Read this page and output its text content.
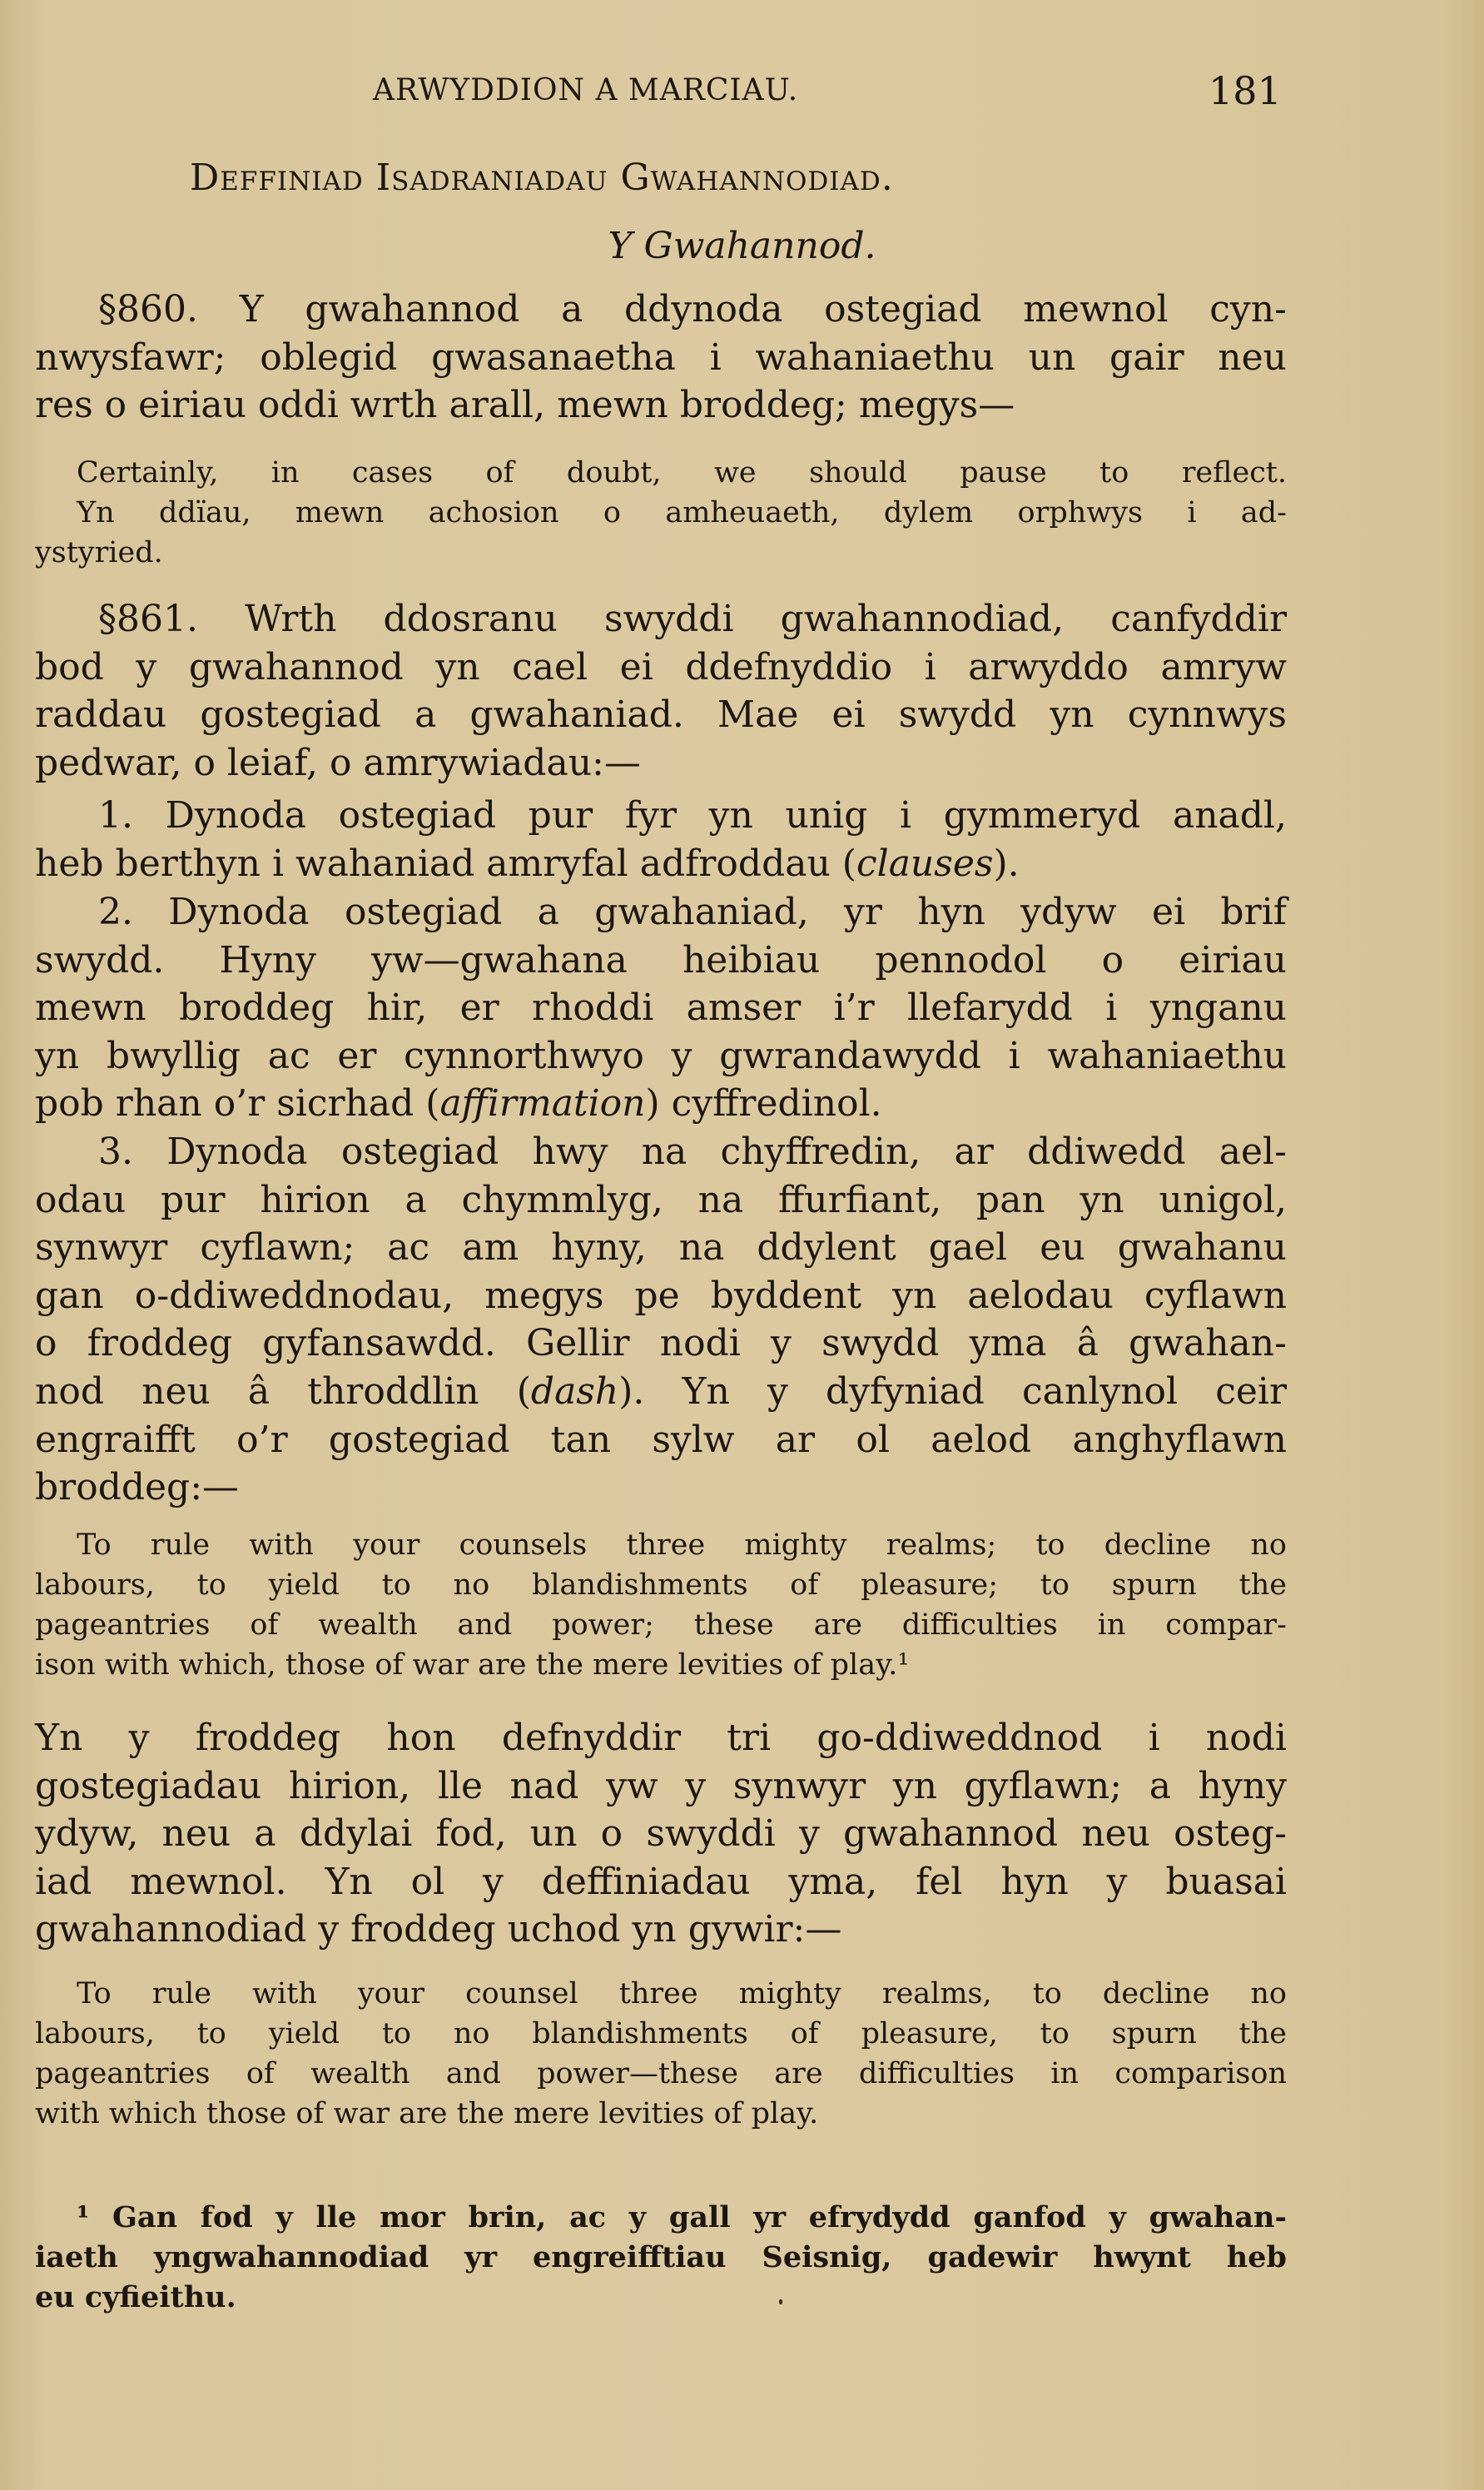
ARWYDDION A MARCIAU.	181
Deffiniad Isadraniadau Gwahannodiad.
Y Gwahannod.
§860. Y gwahannod a ddynoda ostegiad mewnol cyn-
nwysfawr; oblegid gwasanaetha i wahaniaethu un gair neu
res o eiriau oddi wrth arall, mewn broddeg; megys—
Certainly, in cases of doubt, we should pause to reflect.
Yn ddïau, mewn achosion o amheuaeth, dylem orphwys i ad-
ystyried.
§861. Wrth ddosranu swyddi gwahannodiad, canfyddir
bod y gwahannod yn cael ei ddefnyddio i arwyddo amryw
raddau gostegiad a gwahaniad. Mae ei swydd yn cynnwys
pedwar, o leiaf, o amrywiadau:—
1. Dynoda ostegiad pur fyr yn unig i gymmeryd anadl,
heb berthyn i wahaniad amryfal adfroddau (clauses).
2. Dynoda ostegiad a gwahaniad, yr hyn ydyw ei brif
swydd. Hyny yw—gwahana heibiau pennodol o eiriau
mewn broddeg hir, er rhoddi amser i’r llefarydd i ynganu
yn bwyllig ac er cynnorthwyo y gwrandawydd i wahaniaethu
pob rhan o’r sicrhad (affirmation) cyffredinol.
3. Dynoda ostegiad hwy na chyffredin, ar ddiwedd ael-
odau pur hirion a chymmlyg, na ffurfiant, pan yn unigol,
synwyr cyflawn; ac am hyny, na ddylent gael eu gwahanu
gan o-ddiweddnodau, megys pe byddent yn aelodau cyflawn
o froddeg gyfansawdd. Gellir nodi y swydd yma â gwahan-
nod neu â throddlin (dash). Yn y dyfyniad canlynol ceir
engraifft o’r gostegiad tan sylw ar ol aelod anghyflawn
broddeg:—
To rule with your counsels three mighty realms; to decline no
labours, to yield to no blandishments of pleasure; to spurn the
pageantries of wealth and power; these are difficulties in compar-
ison with which, those of war are the mere levities of play.¹
Yn y froddeg hon defnyddir tri go-ddiweddnod i nodi
gostegiadau hirion, lle nad yw y synwyr yn gyflawn; a hyny
ydyw, neu a ddylai fod, un o swyddi y gwahannod neu osteg-
iad mewnol. Yn ol y deffiniadau yma, fel hyn y buasai
gwahannodiad y froddeg uchod yn gywir:—
To rule with your counsel three mighty realms, to decline no
labours, to yield to no blandishments of pleasure, to spurn the
pageantries of wealth and power—these are difficulties in comparison
with which those of war are the mere levities of play.
¹ Gan fod y lle mor brin, ac y gall yr efrydydd ganfod y gwahan-
iaeth yngwahannodiad yr engreifftiau Seisnig, gadewir hwynt heb
eu cyfieithu.
